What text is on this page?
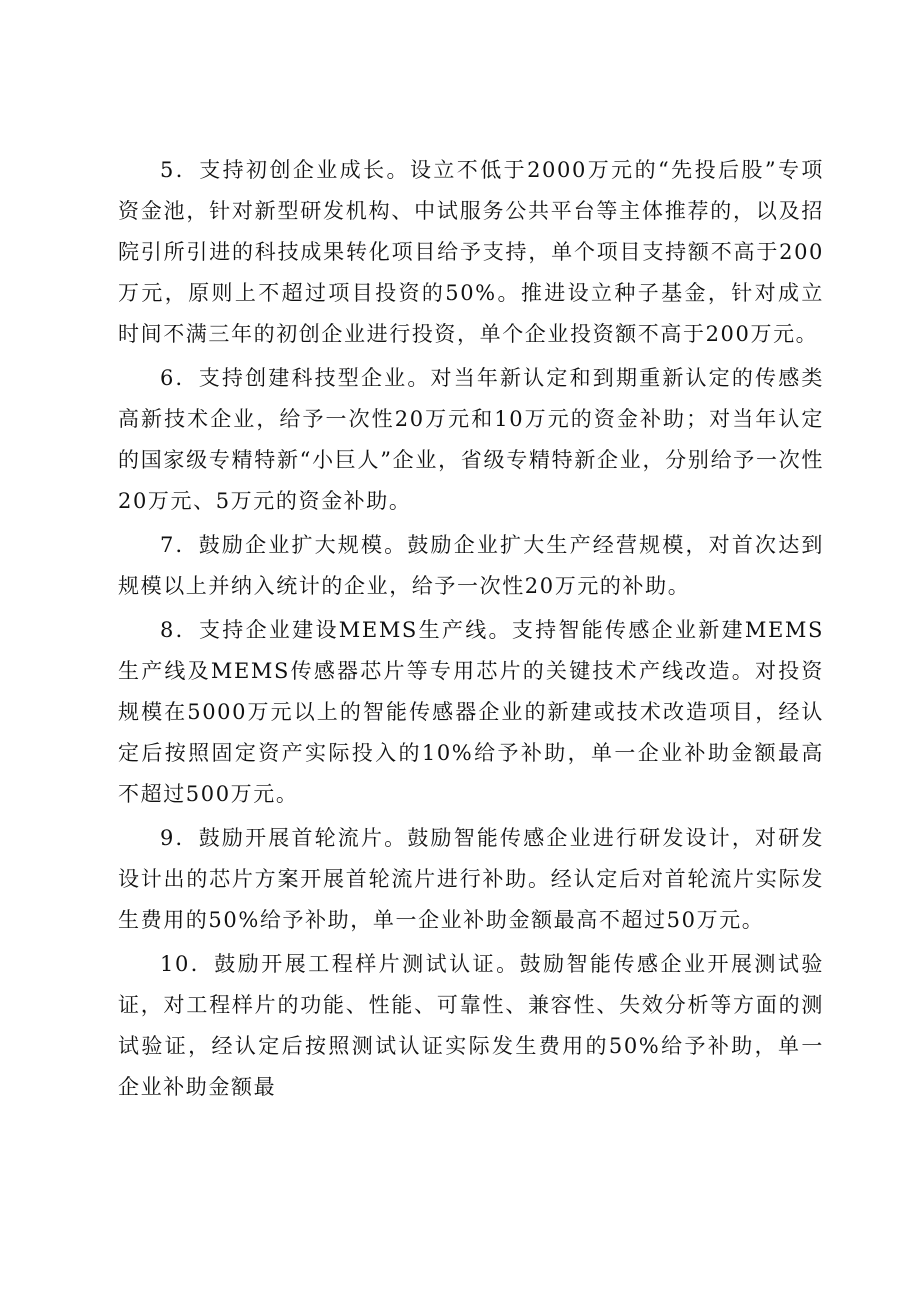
5．支持初创企业成长。设立不低于2000万元的“先投后股”专项资金池，针对新型研发机构、中试服务公共平台等主体推荐的，以及招院引所引进的科技成果转化项目给予支持，单个项目支持额不高于200万元，原则上不超过项目投资的50%。推进设立种子基金，针对成立时间不满三年的初创企业进行投资，单个企业投资额不高于200万元。

6．支持创建科技型企业。对当年新认定和到期重新认定的传感类高新技术企业，给予一次性20万元和10万元的资金补助；对当年认定的国家级专精特新“小巨人”企业，省级专精特新企业，分别给予一次性20万元、5万元的资金补助。

7．鼓励企业扩大规模。鼓励企业扩大生产经营规模，对首次达到规模以上并纳入统计的企业，给予一次性20万元的补助。

8．支持企业建设MEMS生产线。支持智能传感企业新建MEMS生产线及MEMS传感器芯片等专用芯片的关键技术产线改造。对投资规模在5000万元以上的智能传感器企业的新建或技术改造项目，经认定后按照固定资产实际投入的10%给予补助，单一企业补助金额最高不超过500万元。

9．鼓励开展首轮流片。鼓励智能传感企业进行研发设计，对研发设计出的芯片方案开展首轮流片进行补助。经认定后对首轮流片实际发生费用的50%给予补助，单一企业补助金额最高不超过50万元。

10．鼓励开展工程样片测试认证。鼓励智能传感企业开展测试验证，对工程样片的功能、性能、可靠性、兼容性、失效分析等方面的测试验证，经认定后按照测试认证实际发生费用的50%给予补助，单一企业补助金额最
